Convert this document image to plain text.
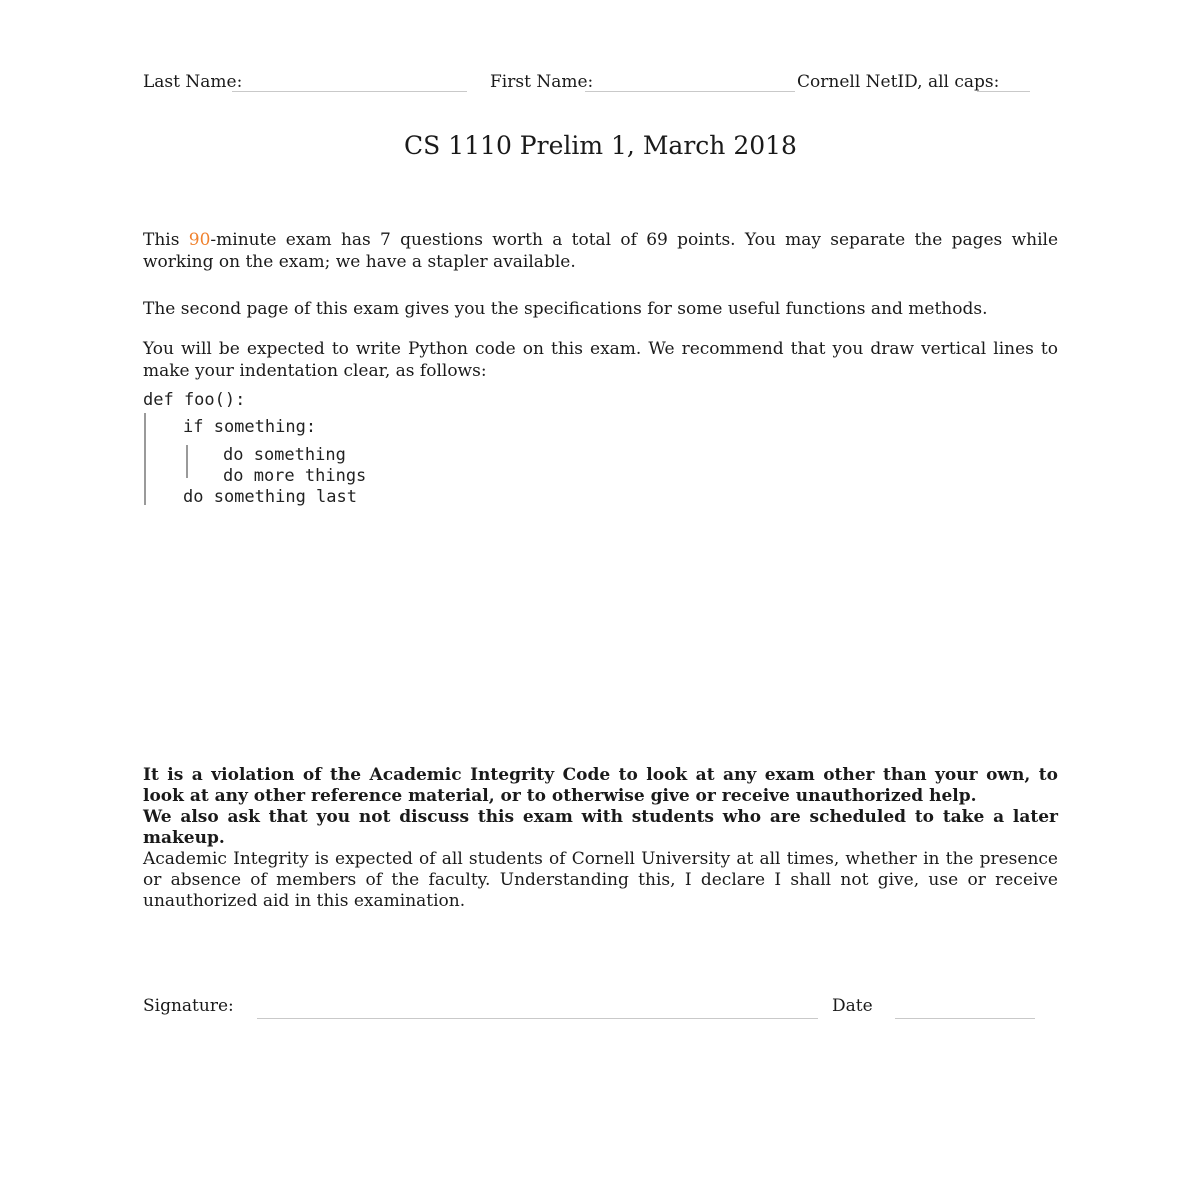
Last Name:	First Name:	Cornell NetID, all caps:
CS 1110 Prelim 1, March 2018

This 90-minute exam has 7 questions worth a total of 69 points. You may separate the pages while working on the exam; we have a stapler available.

The second page of this exam gives you the specifications for some useful functions and methods.

You will be expected to write Python code on this exam. We recommend that you draw vertical lines to make your indentation clear, as follows:

def foo():
if something:
do something
do more things
do something last

It is a violation of the Academic Integrity Code to look at any exam other than your own, to look at any other reference material, or to otherwise give or receive unauthorized help.

We also ask that you not discuss this exam with students who are scheduled to take a later makeup.

Academic Integrity is expected of all students of Cornell University at all times, whether in the presence or absence of members of the faculty. Understanding this, I declare I shall not give, use or receive unauthorized aid in this examination.

Signature:	Date
